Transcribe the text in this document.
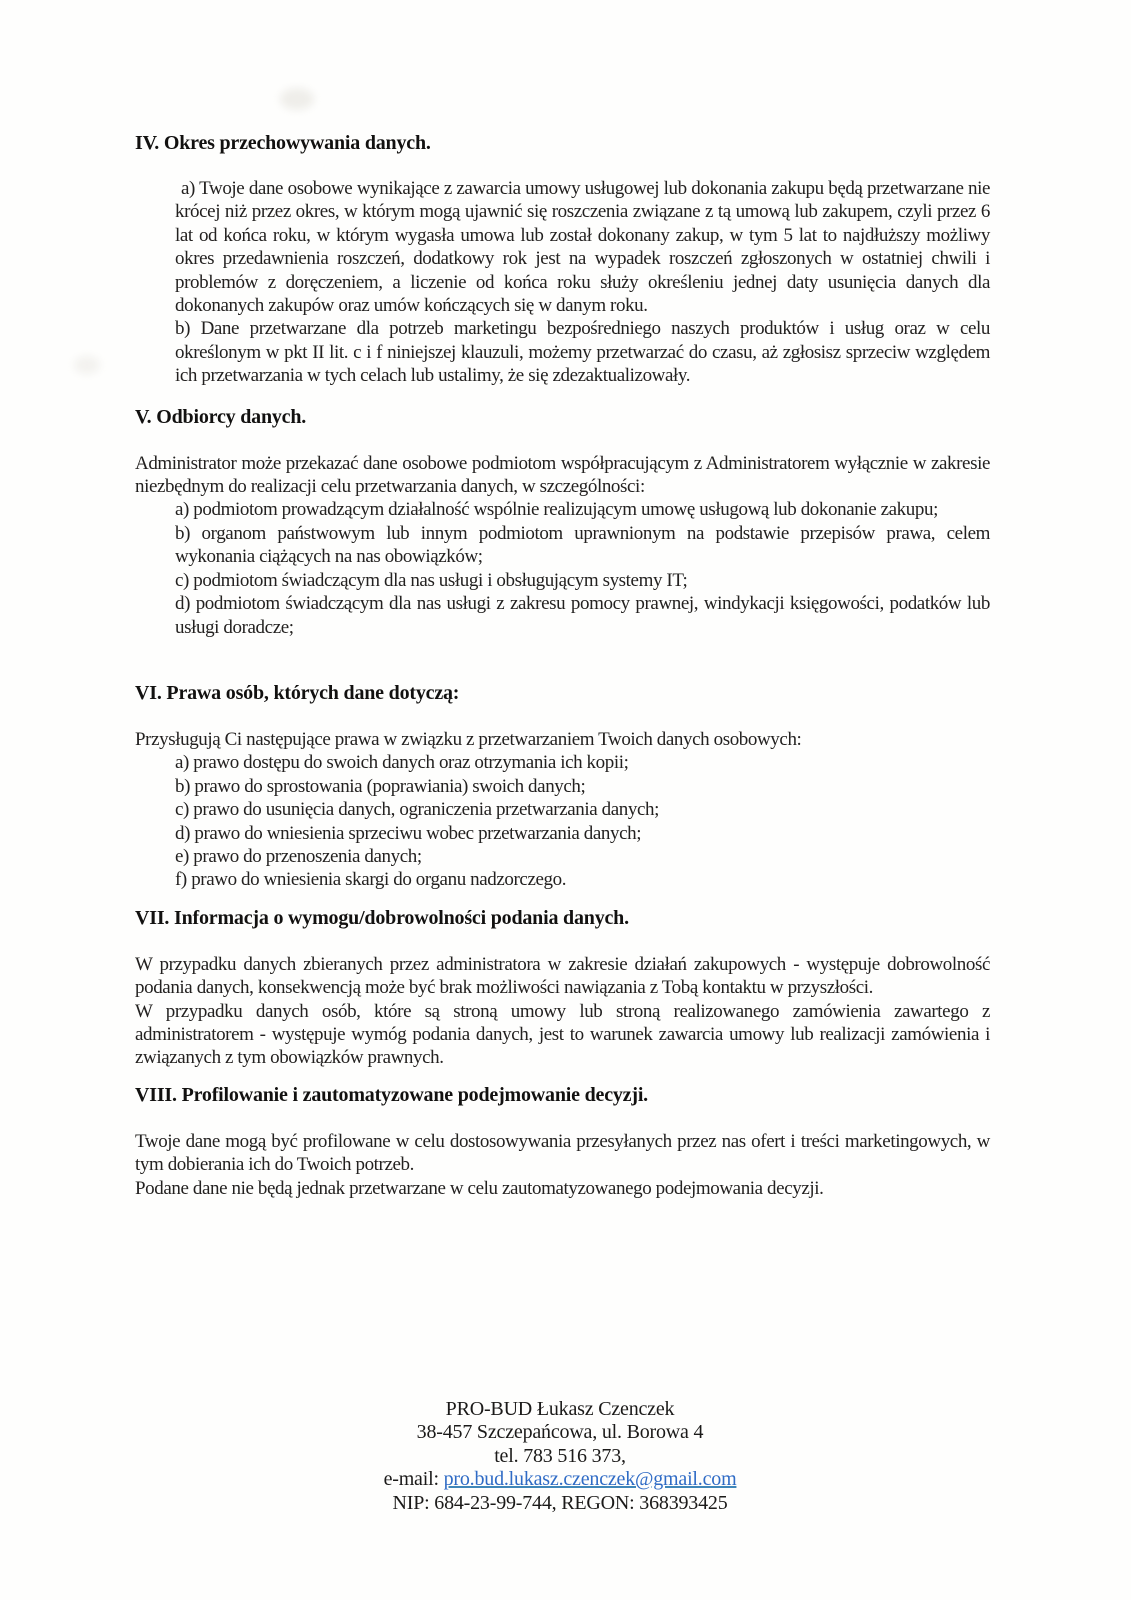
IV. Okres przechowywania danych.

a) Twoje dane osobowe wynikające z zawarcia umowy usługowej lub dokonania zakupu będą przetwarzane nie krócej niż przez okres, w którym mogą ujawnić się roszczenia związane z tą umową lub zakupem, czyli przez 6 lat od końca roku, w którym wygasła umowa lub został dokonany zakup, w tym 5 lat to najdłuższy możliwy okres przedawnienia roszczeń, dodatkowy rok jest na wypadek roszczeń zgłoszonych w ostatniej chwili i problemów z doręczeniem, a liczenie od końca roku służy określeniu jednej daty usunięcia danych dla dokonanych zakupów oraz umów kończących się w danym roku.

b) Dane przetwarzane dla potrzeb marketingu bezpośredniego naszych produktów i usług oraz w celu określonym w pkt II lit. c i f niniejszej klauzuli, możemy przetwarzać do czasu, aż zgłosisz sprzeciw względem ich przetwarzania w tych celach lub ustalimy, że się zdezaktualizowały.

V. Odbiorcy danych.

Administrator może przekazać dane osobowe podmiotom współpracującym z Administratorem wyłącznie w zakresie niezbędnym do realizacji celu przetwarzania danych, w szczególności:

a) podmiotom prowadzącym działalność wspólnie realizującym umowę usługową lub dokonanie zakupu;

b) organom państwowym lub innym podmiotom uprawnionym na podstawie przepisów prawa, celem wykonania ciążących na nas obowiązków;

c) podmiotom świadczącym dla nas usługi i obsługującym systemy IT;

d) podmiotom świadczącym dla nas usługi z zakresu pomocy prawnej, windykacji księgowości, podatków lub usługi doradcze;

VI. Prawa osób, których dane dotyczą:

Przysługują Ci następujące prawa w związku z przetwarzaniem Twoich danych osobowych:

a) prawo dostępu do swoich danych oraz otrzymania ich kopii;

b) prawo do sprostowania (poprawiania) swoich danych;

c) prawo do usunięcia danych, ograniczenia przetwarzania danych;

d) prawo do wniesienia sprzeciwu wobec przetwarzania danych;

e) prawo do przenoszenia danych;

f) prawo do wniesienia skargi do organu nadzorczego.

VII. Informacja o wymogu/dobrowolności podania danych.

W przypadku danych zbieranych przez administratora w zakresie działań zakupowych - występuje dobrowolność podania danych, konsekwencją może być brak możliwości nawiązania z Tobą kontaktu w przyszłości.

W przypadku danych osób, które są stroną umowy lub stroną realizowanego zamówienia zawartego z administratorem - występuje wymóg podania danych, jest to warunek zawarcia umowy lub realizacji zamówienia i związanych z tym obowiązków prawnych.

VIII. Profilowanie i zautomatyzowane podejmowanie decyzji.

Twoje dane mogą być profilowane w celu dostosowywania przesyłanych przez nas ofert i treści marketingowych, w tym dobierania ich do Twoich potrzeb.

Podane dane nie będą jednak przetwarzane w celu zautomatyzowanego podejmowania decyzji.

PRO-BUD Łukasz Czenczek

38-457 Szczepańcowa, ul. Borowa 4

tel. 783 516 373,

e-mail: pro.bud.lukasz.czenczek@gmail.com

NIP: 684-23-99-744, REGON: 368393425
